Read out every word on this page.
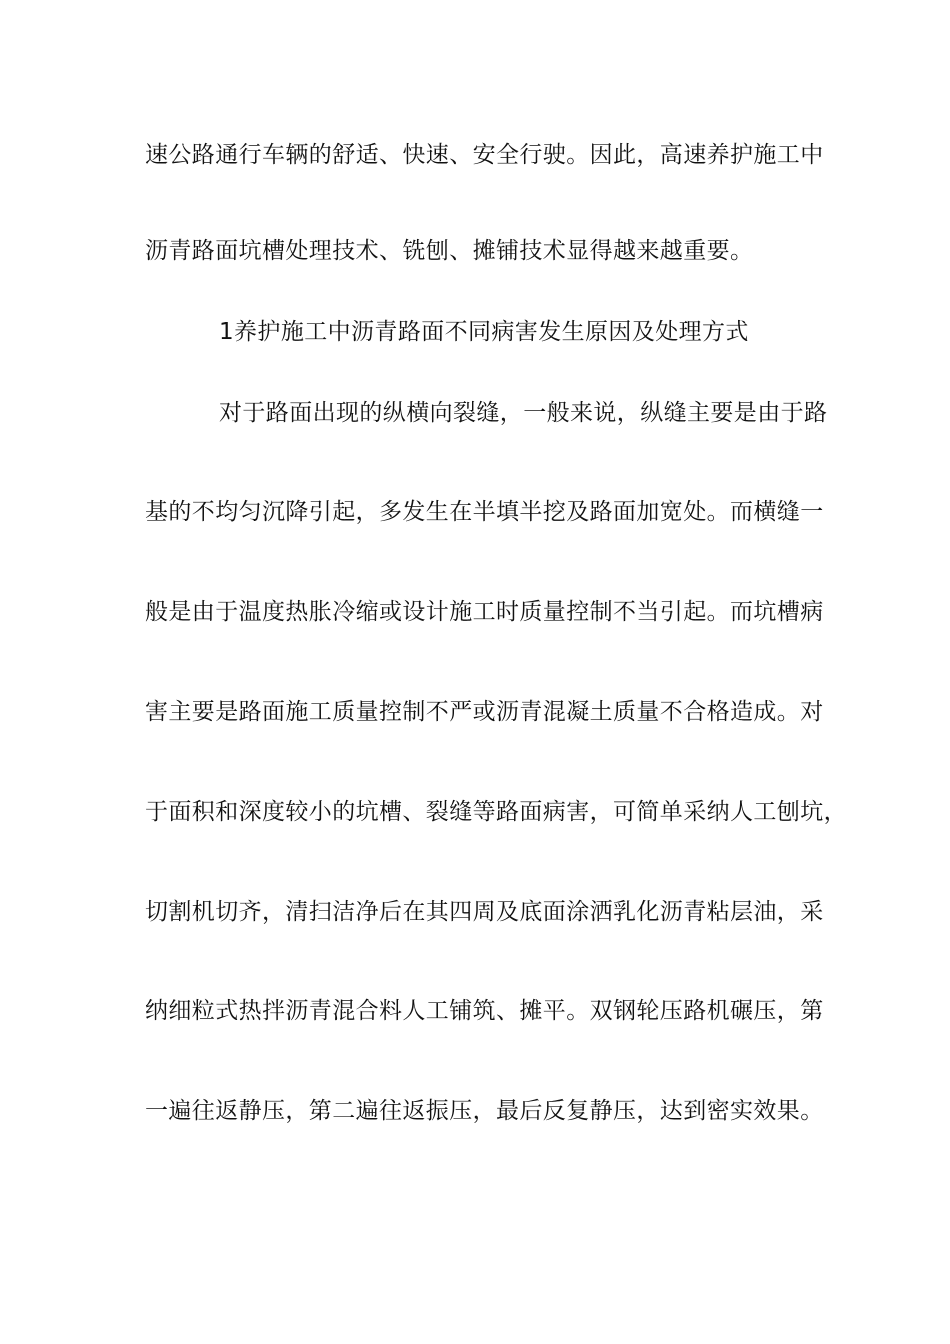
速公路通行车辆的舒适、快速、安全行驶。因此，高速养护施工中
沥青路面坑槽处理技术、铣刨、摊铺技术显得越来越重要。
1养护施工中沥青路面不同病害发生原因及处理方式
对于路面出现的纵横向裂缝，一般来说，纵缝主要是由于路
基的不均匀沉降引起，多发生在半填半挖及路面加宽处。而横缝一
般是由于温度热胀冷缩或设计施工时质量控制不当引起。而坑槽病
害主要是路面施工质量控制不严或沥青混凝土质量不合格造成。对
于面积和深度较小的坑槽、裂缝等路面病害，可简单采纳人工刨坑，
切割机切齐，清扫洁净后在其四周及底面涂洒乳化沥青粘层油，采
纳细粒式热拌沥青混合料人工铺筑、摊平。双钢轮压路机碾压，第
一遍往返静压，第二遍往返振压，最后反复静压，达到密实效果。
